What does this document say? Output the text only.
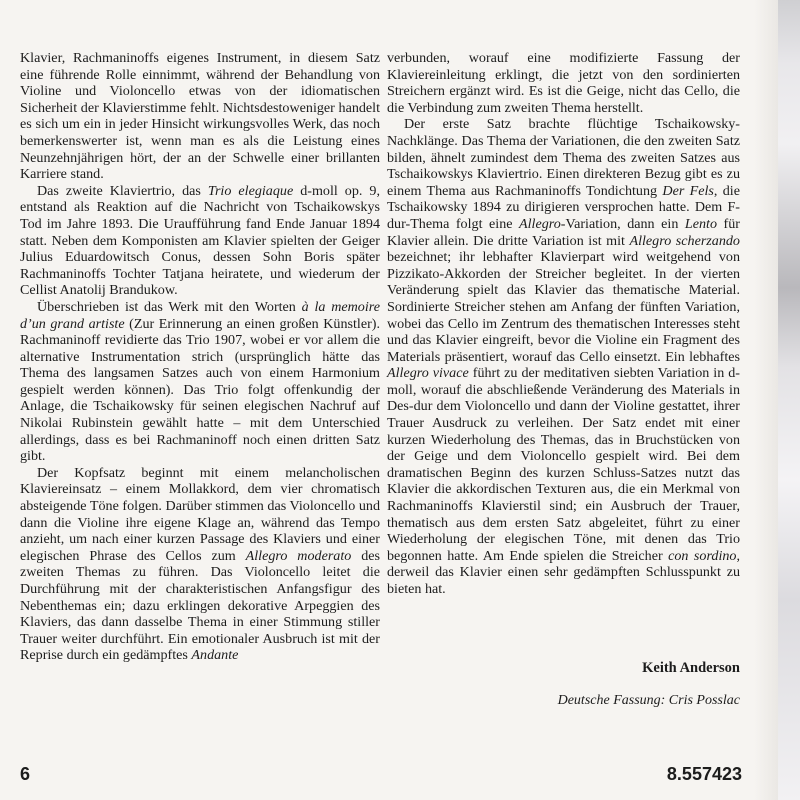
Klavier, Rachmaninoffs eigenes Instrument, in diesem Satz eine führende Rolle einnimmt, während der Behandlung von Violine und Violoncello etwas von der idiomatischen Sicherheit der Klavierstimme fehlt. Nichtsdestoweniger handelt es sich um ein in jeder Hinsicht wirkungsvolles Werk, das noch bemerkenswerter ist, wenn man es als die Leistung eines Neunzehnjährigen hört, der an der Schwelle einer brillanten Karriere stand.

Das zweite Klaviertrio, das Trio elegiaque d-moll op. 9, entstand als Reaktion auf die Nachricht von Tschaikowskys Tod im Jahre 1893. Die Uraufführung fand Ende Januar 1894 statt. Neben dem Komponisten am Klavier spielten der Geiger Julius Eduardowitsch Conus, dessen Sohn Boris später Rachmaninoffs Tochter Tatjana heiratete, und wiederum der Cellist Anatolij Brandukow.

Überschrieben ist das Werk mit den Worten à la memoire d’un grand artiste (Zur Erinnerung an einen großen Künstler). Rachmaninoff revidierte das Trio 1907, wobei er vor allem die alternative Instrumentation strich (ursprünglich hätte das Thema des langsamen Satzes auch von einem Harmonium gespielt werden können). Das Trio folgt offenkundig der Anlage, die Tschaikowsky für seinen elegischen Nachruf auf Nikolai Rubinstein gewählt hatte – mit dem Unterschied allerdings, dass es bei Rachmaninoff noch einen dritten Satz gibt.

Der Kopfsatz beginnt mit einem melancholischen Klaviereinsatz – einem Mollakkord, dem vier chromatisch absteigende Töne folgen. Darüber stimmen das Violoncello und dann die Violine ihre eigene Klage an, während das Tempo anzieht, um nach einer kurzen Passage des Klaviers und einer elegischen Phrase des Cellos zum Allegro moderato des zweiten Themas zu führen. Das Violoncello leitet die Durchführung mit der charakteristischen Anfangsfigur des Nebenthemas ein; dazu erklingen dekorative Arpeggien des Klaviers, das dann dasselbe Thema in einer Stimmung stiller Trauer weiter durchführt. Ein emotionaler Ausbruch ist mit der Reprise durch ein gedämpftes Andante

verbunden, worauf eine modifizierte Fassung der Klaviereinleitung erklingt, die jetzt von den sordinierten Streichern ergänzt wird. Es ist die Geige, nicht das Cello, die die Verbindung zum zweiten Thema herstellt.

Der erste Satz brachte flüchtige Tschaikowsky-Nachklänge. Das Thema der Variationen, die den zweiten Satz bilden, ähnelt zumindest dem Thema des zweiten Satzes aus Tschaikowskys Klaviertrio. Einen direkteren Bezug gibt es zu einem Thema aus Rachmaninoffs Tondichtung Der Fels, die Tschaikowsky 1894 zu dirigieren versprochen hatte. Dem F-dur-Thema folgt eine Allegro-Variation, dann ein Lento für Klavier allein. Die dritte Variation ist mit Allegro scherzando bezeichnet; ihr lebhafter Klavierpart wird weitgehend von Pizzikato-Akkorden der Streicher begleitet. In der vierten Veränderung spielt das Klavier das thematische Material. Sordinierte Streicher stehen am Anfang der fünften Variation, wobei das Cello im Zentrum des thematischen Interesses steht und das Klavier eingreift, bevor die Violine ein Fragment des Materials präsentiert, worauf das Cello einsetzt. Ein lebhaftes Allegro vivace führt zu der meditativen siebten Variation in d-moll, worauf die abschließende Veränderung des Materials in Des-dur dem Violoncello und dann der Violine gestattet, ihrer Trauer Ausdruck zu verleihen. Der Satz endet mit einer kurzen Wiederholung des Themas, das in Bruchstücken von der Geige und dem Violoncello gespielt wird. Bei dem dramatischen Beginn des kurzen Schluss-Satzes nutzt das Klavier die akkordischen Texturen aus, die ein Merkmal von Rachmaninoffs Klavierstil sind; ein Ausbruch der Trauer, thematisch aus dem ersten Satz abgeleitet, führt zu einer Wiederholung der elegischen Töne, mit denen das Trio begonnen hatte. Am Ende spielen die Streicher con sordino, derweil das Klavier einen sehr gedämpften Schlusspunkt zu bieten hat.

Keith Anderson
Deutsche Fassung: Cris Posslac
6	8.557423
